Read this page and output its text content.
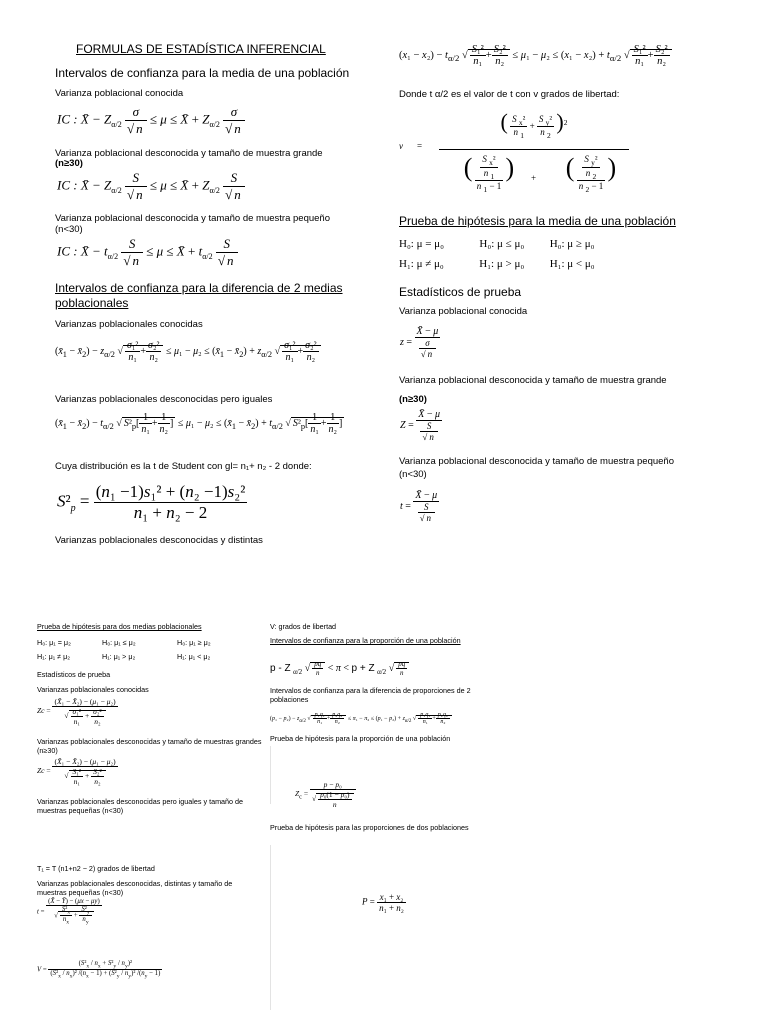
FORMULAS DE ESTADÍSTICA INFERENCIAL
Intervalos de confianza para la media de una población
Varianza poblacional conocida
IC : X̄ − $Z_{\alpha/2} \frac{\sigma}{√ n} \le \mu$ ≤ X̄ + $Z_{\alpha/2} \frac{\sigma}{√ n}$
Varianza poblacional desconocida y tamaño de muestra grande
(n≥30)
IC : X̄ − $Z_{\alpha/2} \frac{S}{√ n} \le \mu$ ≤ X̄ + $Z_{\alpha/2} \frac{S}{√ n}$
Varianza poblacional desconocida y tamaño de muestra pequeño
(n<30)
IC : X̄ − $t_{\alpha/2} \frac{S}{√ n} \le \mu$ ≤ X̄ + $t_{\alpha/2} \frac{S}{√ n}$
Intervalos de confianza para la diferencia de 2 medias poblacionales
Varianzas poblacionales conocidas
($x̄_1$ − $x̄_2) - z_{\alpha/2}$ √ $\frac{\text{σ₁²}}{\text{n₁}} + \frac{\text{σ₂²}}{\text{n₂}} \le \mu_1 - \mu_2$ ≤ ($x̄_1$ − $x̄_2) + z_{\alpha/2}$ √ $\frac{\text{σ₁²}}{\text{n₁}} + \frac{\text{σ₂²}}{\text{n₂}}$
Varianzas poblacionales desconocidas pero iguales
($x̄_1$ − $x̄_2) - t_{\alpha/2}$ √ $S^2_p[ \frac{1}{\text{n₁}} + \frac{1}{\text{n₂}}$ ] ≤ $\mu_1 - \mu_2 \le (x̄_1$ − $x̄_2) + t_{\alpha/2}$ √ $S^2_p[ \frac{1}{\text{n₁}} + \frac{1}{\text{n₂}}$ ]
Cuya distribución es la t de Student con gl= n₁+ n₂ - 2 donde:
$S^2_p = \frac{\text{(n₁ −1)s₁² + (n₂ −1)s₂²}}{\text{n₁ + n₂ − 2}}$
Varianzas poblacionales desconocidas y distintas
$(x_1 - x_2) - t_{\alpha/2}$ √ $\frac{\text{S₁²}}{\text{n₁}} + \frac{\text{S₂²}}{\text{n₂}} \le \mu_1 - \mu_2 \le (x_1 - x_2) + t_{\alpha/2}$ √ $\frac{\text{S₁²}}{\text{n₁}} + \frac{\text{S₂²}}{\text{n₂}}$
Donde t α/2 es el valor de t con v grados de libertad:
v =
( $\frac{S _x^2}{n _1} + \frac{S _y^2}{n _2} )^2$
( $\frac{\frac{S _x^2}{n _1}}{n _1 - 1}$ )	+	( $\frac{\frac{S _y^2}{n _2}}{n _2 - 1}$ )
Prueba de hipótesis para la media de una población
H₀: μ = μ₀	H₀: μ ≤ μ₀ H₀: μ ≥ μ₀
H₁: μ ≠ μ₀	H₁: μ > μ₀ H₁: μ < μ₀
Estadísticos de prueba
Varianza poblacional conocida
$z = \frac{X̄ - \mu}{\frac{\sigma}{√ n}}$
Varianza poblacional desconocida y tamaño de muestra grande
(n≥30)
$Z = \frac{X̄ - \mu}{\frac{S}{√ n}}$
Varianza poblacional desconocida y tamaño de muestra pequeño
(n<30)
$t = \frac{X̄ - \mu}{\frac{S}{√ n}}$
Prueba de hipótesis para dos medias poblacionales
H₀: μ₁ = μ₂	H₀: μ₁ ≤ μ₂	H₀: μ₁ ≥ μ₂
H₁: μ₁ ≠ μ₂	H₁: μ₁ > μ₂	H₁: μ₁ < μ₂
Estadísticos de prueba
Varianzas poblacionales conocidas
$Zc = \frac{\text{(X̄₁ − X̄₂) − (μ₁ − μ₂)}}{√ \frac{\text{σ₁²}}{\text{n₁}} + \frac{\text{σ₂²}}{\text{n₂}}}$
Varianzas poblacionales desconocidas y tamaño de muestras grandes (n≥30)
$Zc = \frac{\text{(X̄₁ − X̄₂) − (μ₁ − μ₂)}}{√ \frac{\text{S₁²}}{\text{n₁}} + \frac{\text{S₂²}}{\text{n₂}}}$
Varianzas poblacionales desconocidas pero iguales y tamaño de muestras pequeñas (n<30)
T₁ = T (n1+n2 − 2) grados de libertad
Varianzas poblacionales desconocidas, distintas y tamaño de muestras pequeñas (n<30)
$t = \frac{(X̄ - Ȳ) - (\mu x - \mu y)}{√ \frac{S^2_x}{n_x} + \frac{S^2_y}{n_y}}$
$V = \frac{(S^2_x / n_x + S^2_y / n_y)^2}{(S^2_x / n_x)^2 /(n_x - 1) + (S^2_y / n_y)^2 /(n_y - 1)}$
V: grados de libertad
Intervalos de confianza para la proporción de una población
p - Z $_{\alpha/2}$ √ $\frac{pq}{n} < \pi < p + Z$ $_{\alpha/2}$ √ $\frac{pq}{n}$
Intervalos de confianza para la diferencia de proporciones de 2 poblaciones
$(p_1 - p_2) - z_{\alpha/2}$ √ $\frac{\text{p₁q₁}}{\text{n₁}} + \frac{\text{p₂q₂}}{\text{n₂}} \le \pi_1 - \pi_2 \le (p_1 - p_2) + z_{\alpha/2}$ √ $\frac{\text{p₁q₁}}{\text{n₁}} + \frac{\text{p₂q₂}}{\text{n₂}}$
Prueba de hipótesis para la proporción de una población
$Z_c = \frac{\text{p − p₀}}{√ \frac{\text{p₀(1 − p₀)}}{n}}$
Prueba de hipótesis para las proporciones de dos poblaciones
$P = \frac{\text{x₁ + x₂}}{\text{n₁ + n₂}}$
